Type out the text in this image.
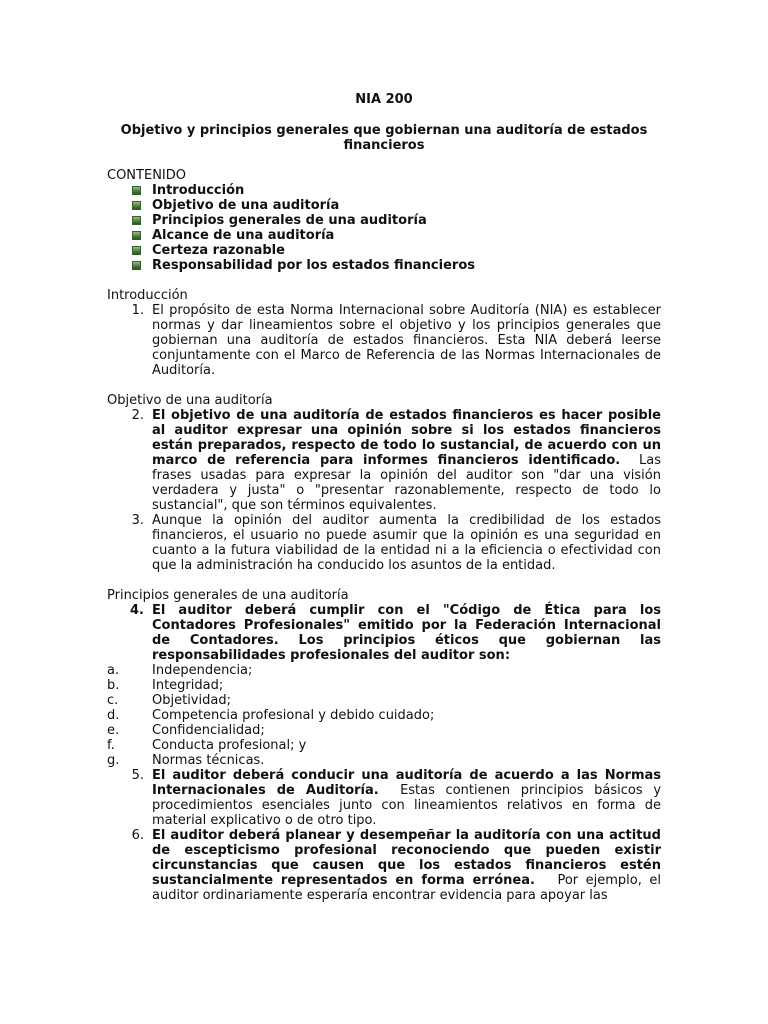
NIA 200

Objetivo y principios generales que gobiernan una auditoría de estados financieros

CONTENIDO

Introducción
Objetivo de una auditoría
Principios generales de una auditoría
Alcance de una auditoría
Certeza razonable
Responsabilidad por los estados financieros

Introducción

1. El propósito de esta Norma Internacional sobre Auditoría (NIA) es establecer normas y dar lineamientos sobre el objetivo y los principios generales que gobiernan una auditoría de estados financieros. Esta NIA deberá leerse conjuntamente con el Marco de Referencia de las Normas Internacionales de Auditoría.

Objetivo de una auditoría

2. El objetivo de una auditoría de estados financieros es hacer posible al auditor expresar una opinión sobre si los estados financieros están preparados, respecto de todo lo sustancial, de acuerdo con un marco de referencia para informes financieros identificado. Las frases usadas para expresar la opinión del auditor son "dar una visión verdadera y justa" o "presentar razonablemente, respecto de todo lo sustancial", que son términos equivalentes.
3. Aunque la opinión del auditor aumenta la credibilidad de los estados financieros, el usuario no puede asumir que la opinión es una seguridad en cuanto a la futura viabilidad de la entidad ni a la eficiencia o efectividad con que la administración ha conducido los asuntos de la entidad.

Principios generales de una auditoría

4. El auditor deberá cumplir con el "Código de Ética para los Contadores Profesionales" emitido por la Federación Internacional de Contadores. Los principios éticos que gobiernan las responsabilidades profesionales del auditor son:
a.	Independencia;
b.	Integridad;
c.	Objetividad;
d.	Competencia profesional y debido cuidado;
e.	Confidencialidad;
f.	Conducta profesional; y
g.	Normas técnicas.
5. El auditor deberá conducir una auditoría de acuerdo a las Normas Internacionales de Auditoría. Estas contienen principios básicos y procedimientos esenciales junto con lineamientos relativos en forma de material explicativo o de otro tipo.
6. El auditor deberá planear y desempeñar la auditoría con una actitud de escepticismo profesional reconociendo que pueden existir circunstancias que causen que los estados financieros estén sustancialmente representados en forma errónea. Por ejemplo, el auditor ordinariamente esperaría encontrar evidencia para apoyar las
